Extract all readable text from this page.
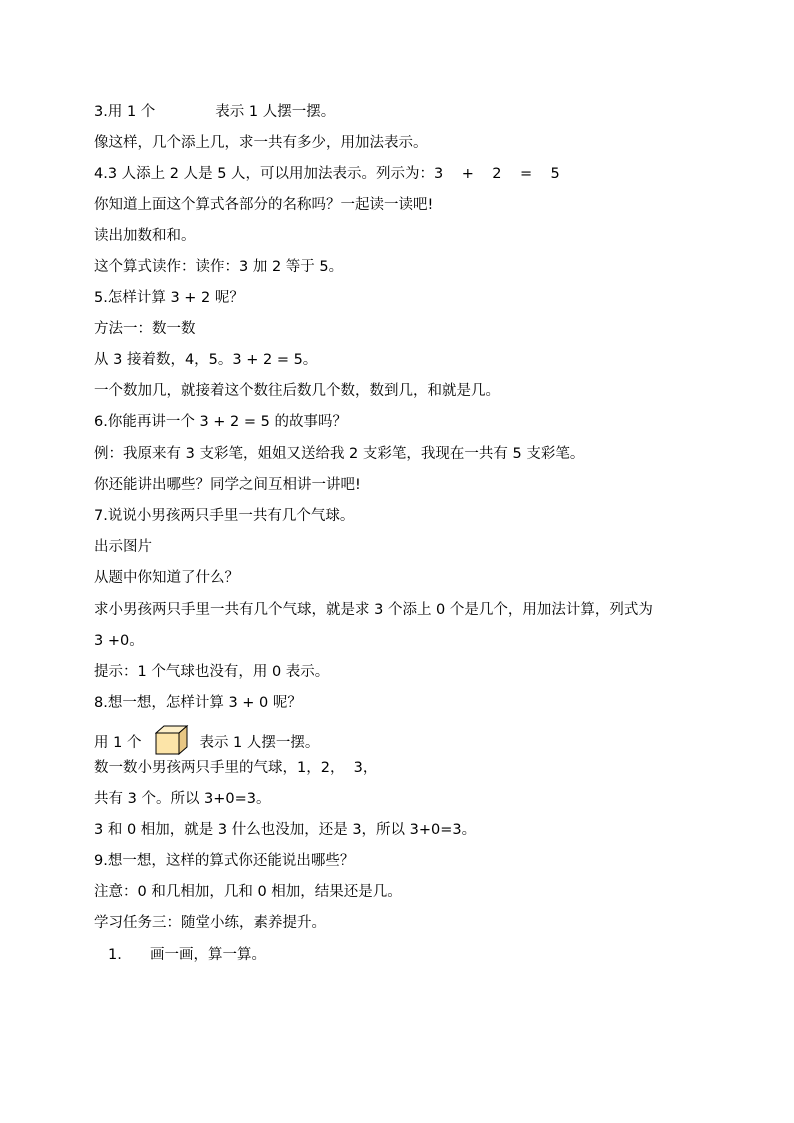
3.用 1 个	表示 1 人摆一摆。
像这样，几个添上几，求一共有多少，用加法表示。
4.3 人添上 2 人是 5 人，可以用加法表示。列示为：3    +    2    =    5
你知道上面这个算式各部分的名称吗？一起读一读吧!
读出加数和和。
这个算式读作：读作：3 加 2 等于 5。
5.怎样计算 3 + 2 呢？
方法一：数一数
从 3 接着数，4，5。3 + 2 = 5。
一个数加几，就接着这个数往后数几个数，数到几，和就是几。
6.你能再讲一个 3 + 2 = 5 的故事吗？
例：我原来有 3 支彩笔，姐姐又送给我 2 支彩笔，我现在一共有 5 支彩笔。
你还能讲出哪些？同学之间互相讲一讲吧!
7.说说小男孩两只手里一共有几个气球。
出示图片
从题中你知道了什么？
求小男孩两只手里一共有几个气球，就是求 3 个添上 0 个是几个，用加法计算，列式为
3 +0。
提示：1 个气球也没有，用 0 表示。
8.想一想，怎样计算 3 + 0 呢？
用 1 个	表示 1 人摆一摆。
数一数小男孩两只手里的气球，1，2，  3，
共有 3 个。所以 3+0=3。
3 和 0 相加，就是 3 什么也没加，还是 3，所以 3+0=3。
9.想一想，这样的算式你还能说出哪些？
注意：0 和几相加，几和 0 相加，结果还是几。
学习任务三：随堂小练，素养提升。
1. 画一画，算一算。
